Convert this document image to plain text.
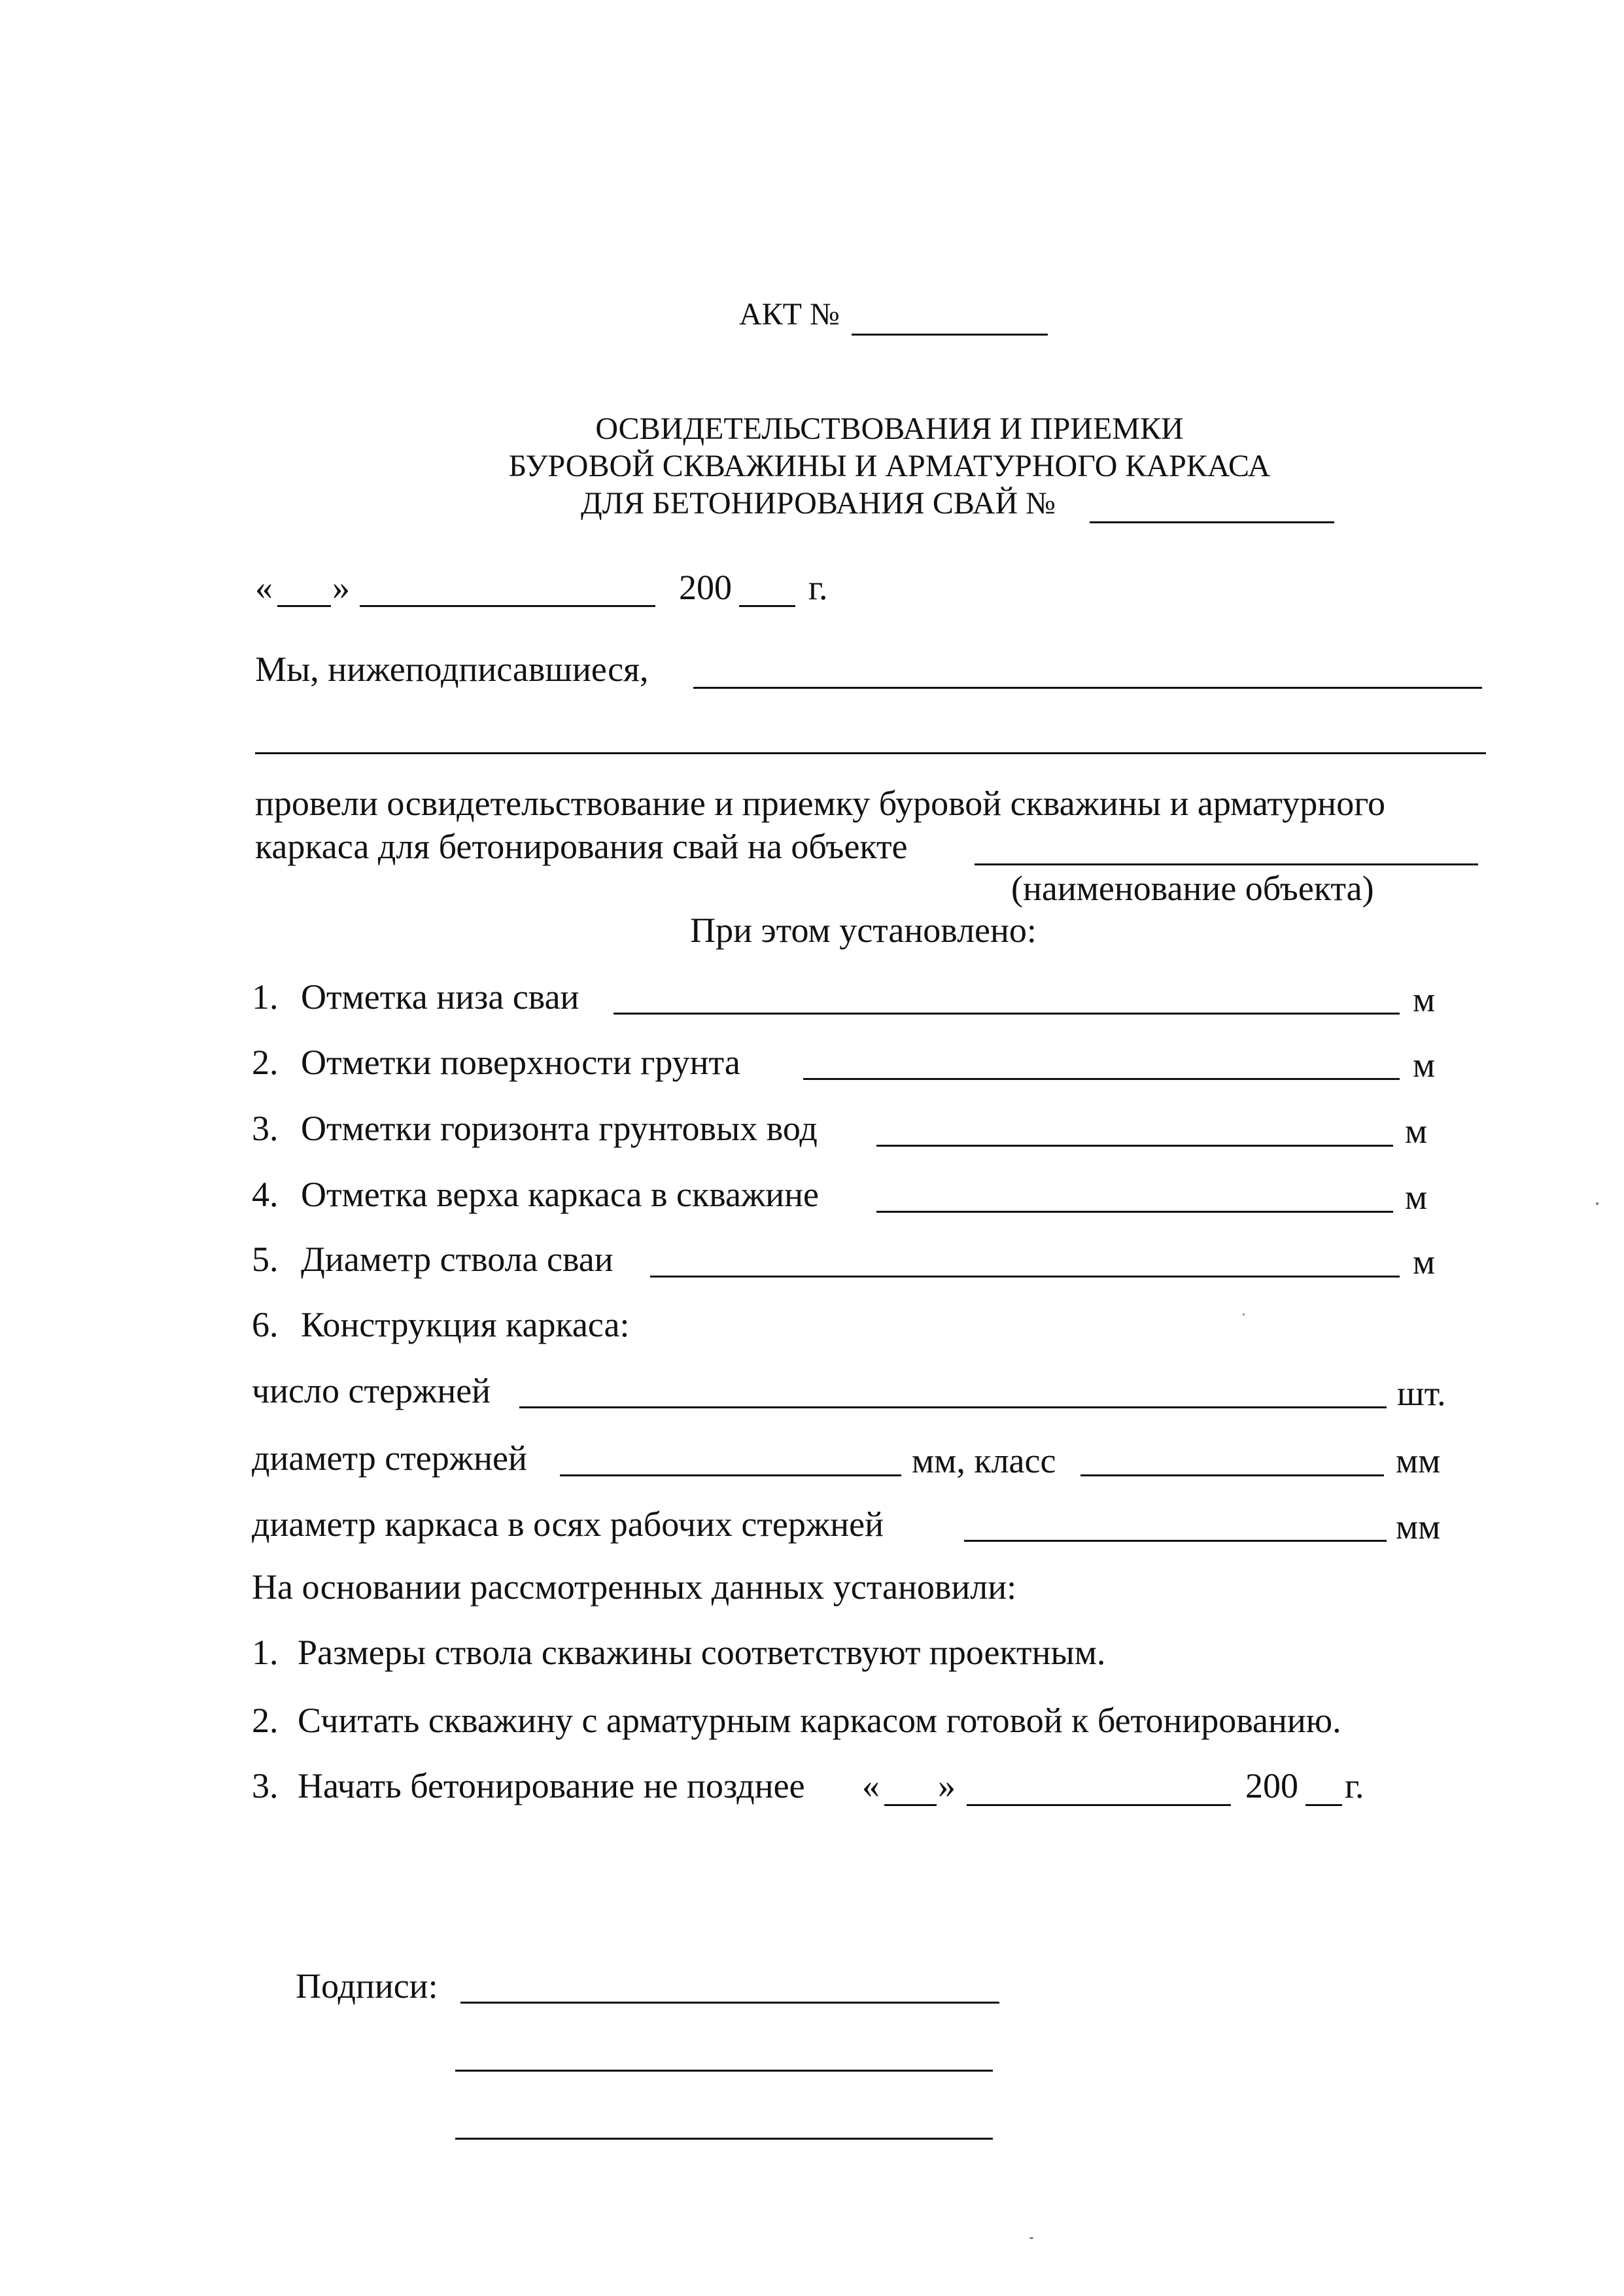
АКТ №
ОСВИДЕТЕЛЬСТВОВАНИЯ И ПРИЕМКИ
БУРОВОЙ СКВАЖИНЫ И АРМАТУРНОГО КАРКАСА
ДЛЯ БЕТОНИРОВАНИЯ СВАЙ №
« »	200 г.
Мы, нижеподписавшиеся,
провели освидетельствование и приемку буровой скважины и арматурного
каркаса для бетонирования свай на объекте
(наименование объекта)
При этом установлено:
1. Отметка низа сваи	м
2. Отметки поверхности грунта	м
3. Отметки горизонта грунтовых вод	м
4. Отметка верха каркаса в скважине	м
5. Диаметр ствола сваи	м
6. Конструкция каркаса:
число стержней	шт.
диаметр стержней	мм, класс	мм
диаметр каркаса в осях рабочих стержней	мм
На основании рассмотренных данных установили:
1. Размеры ствола скважины соответствуют проектным.
2. Считать скважину с арматурным каркасом готовой к бетонированию.
3. Начать бетонирование не позднее « »	200 г.
Подписи:
